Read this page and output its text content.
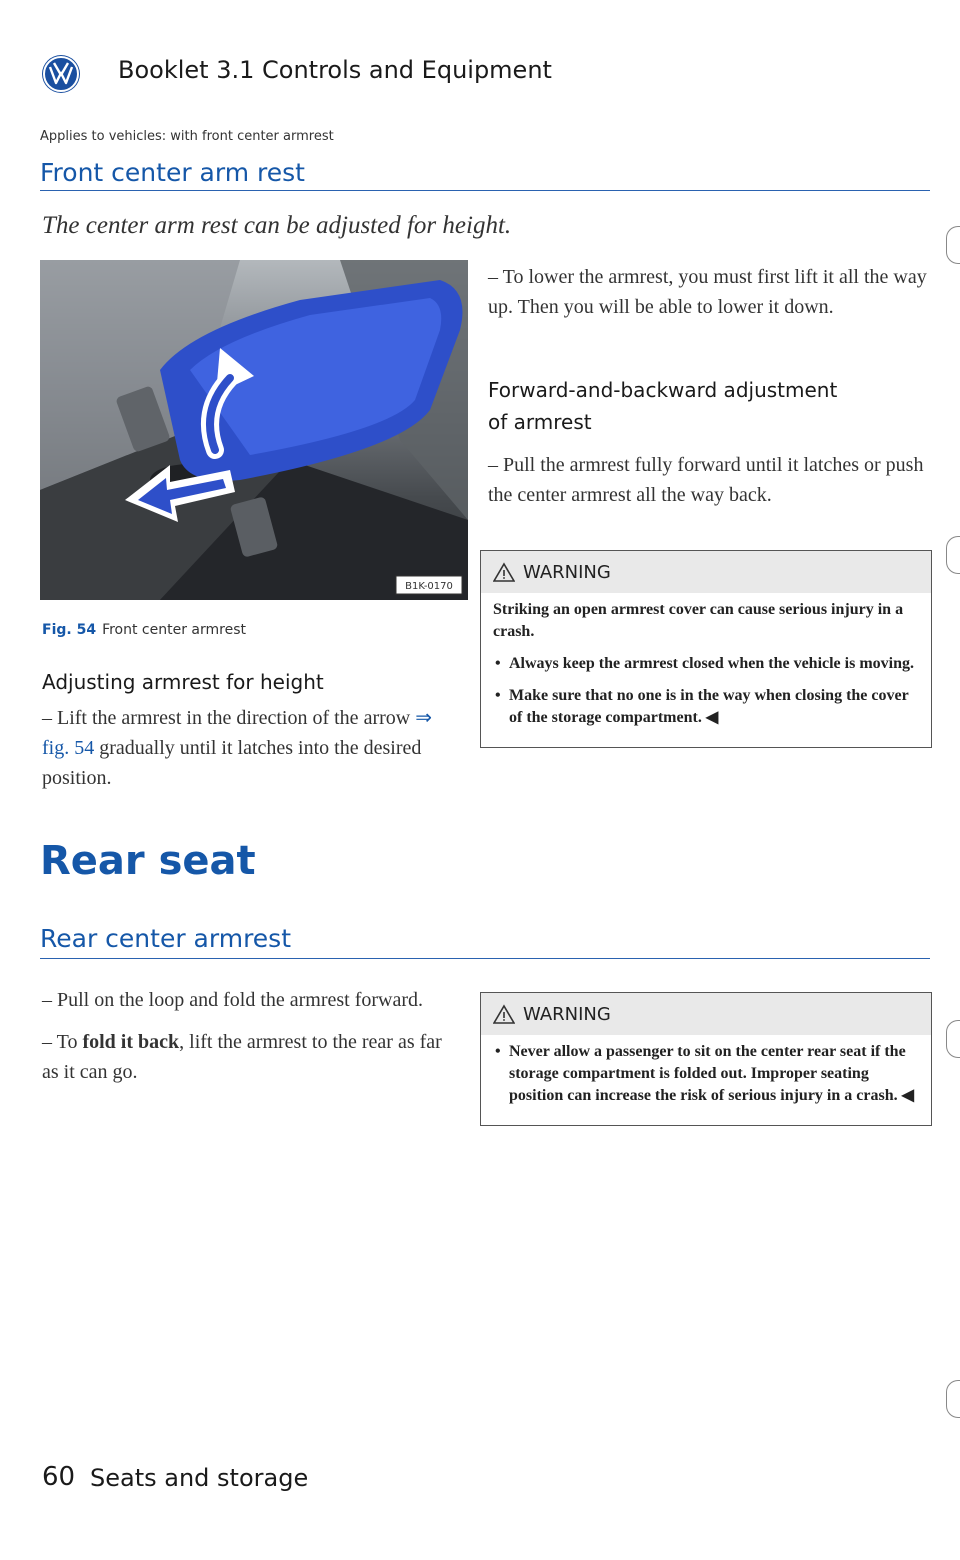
Booklet 3.1 Controls and Equipment
Applies to vehicles: with front center armrest
Front center arm rest
The center arm rest can be adjusted for height.
B1K-0170
Fig. 54 Front center armrest
Adjusting armrest for height

– Lift the armrest in the direction of the arrow ⇒ fig. 54 gradually until it latches into the desired position.

– To lower the armrest, you must first lift it all the way up. Then you will be able to lower it down.

Forward-and-backward adjustment
of armrest

– Pull the armrest fully forward until it latches or push the center armrest all the way back.

WARNING

Striking an open armrest cover can cause serious injury in a crash.

• Always keep the armrest closed when the vehicle is moving.
• Make sure that no one is in the way when closing the cover of the storage compartment. ◀
Rear seat
Rear center armrest

– Pull on the loop and fold the armrest forward.

– To fold it back, lift the armrest to the rear as far as it can go.

WARNING
• Never allow a passenger to sit on the center rear seat if the storage compartment is folded out. Improper seating position can increase the risk of serious injury in a crash. ◀
60 Seats and storage
